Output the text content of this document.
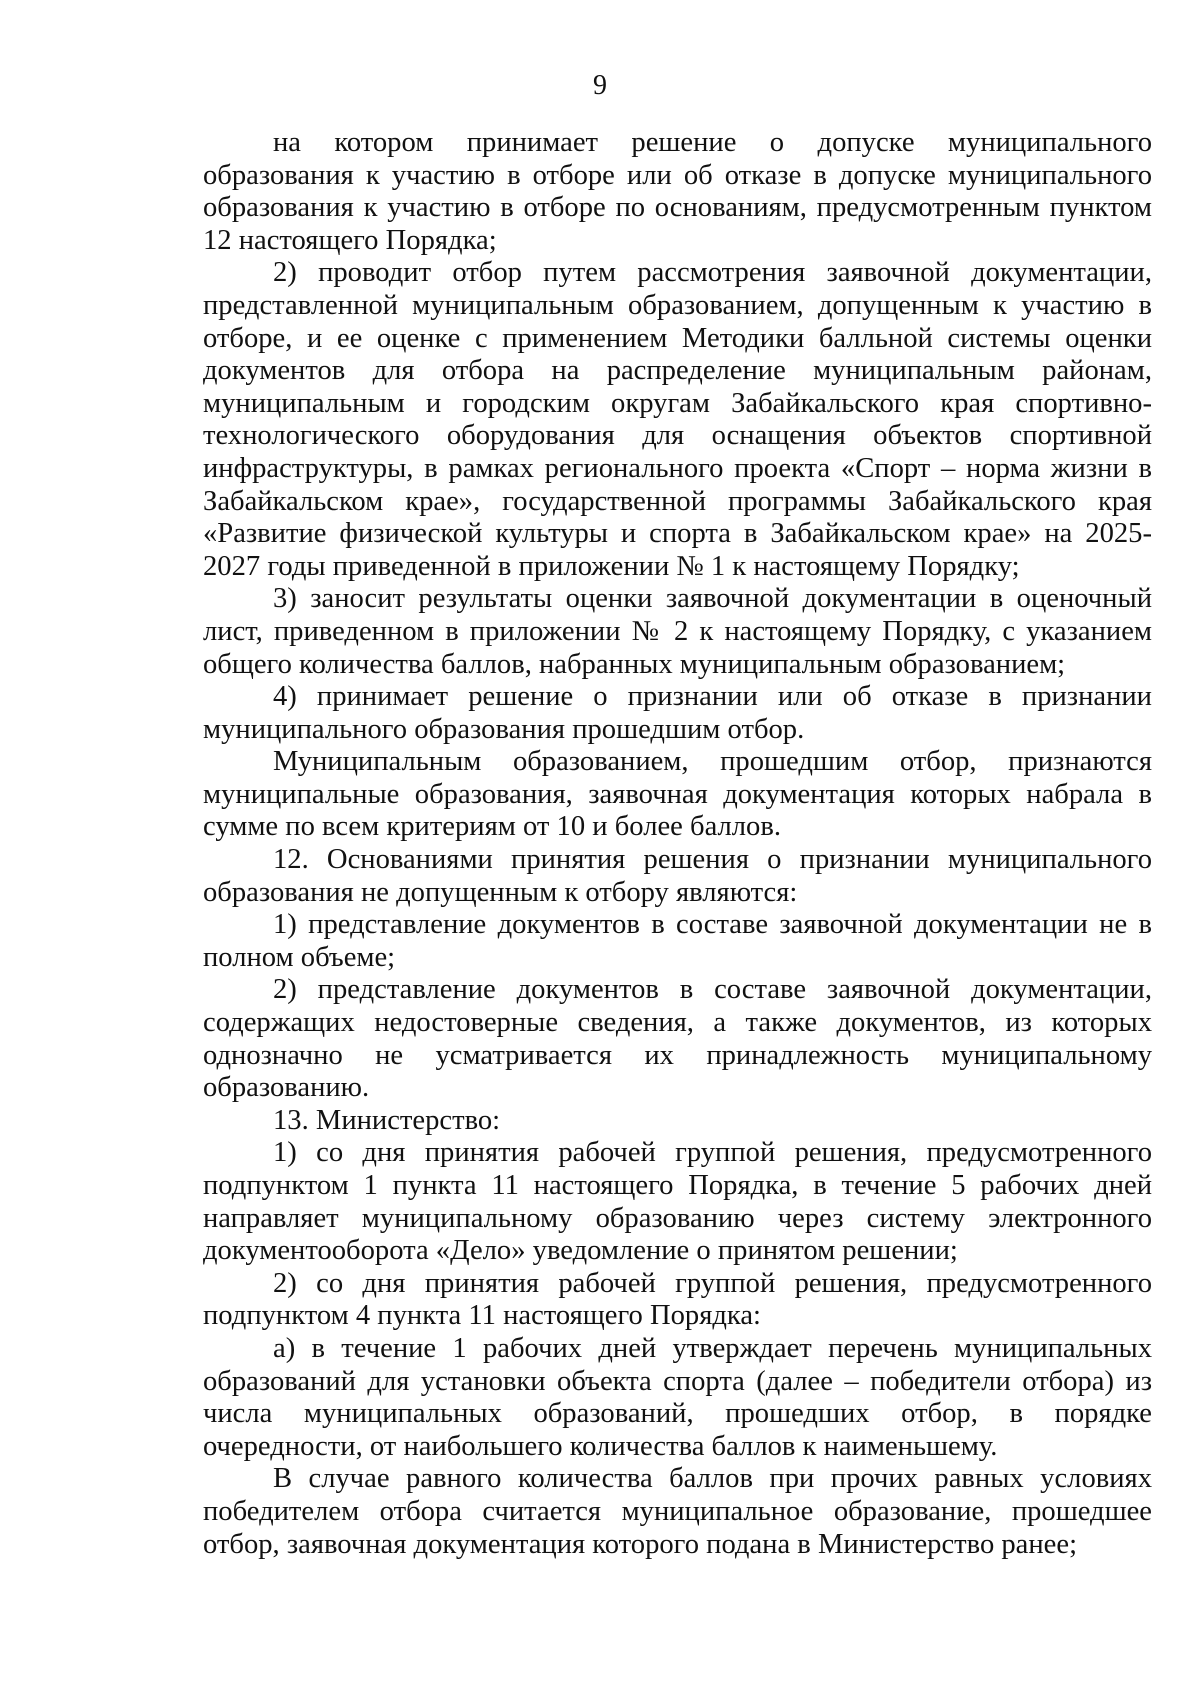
9

на котором принимает решение о допуске муниципального образования к участию в отборе или об отказе в допуске муниципального образования к участию в отборе по основаниям, предусмотренным пунктом 12 настоящего Порядка;

2) проводит отбор путем рассмотрения заявочной документации, представленной муниципальным образованием, допущенным к участию в отборе, и ее оценке с применением Методики балльной системы оценки документов для отбора на распределение муниципальным районам, муниципальным и городским округам Забайкальского края спортивно-технологического оборудования для оснащения объектов спортивной инфраструктуры, в рамках регионального проекта «Спорт – норма жизни в Забайкальском крае», государственной программы Забайкальского края «Развитие физической культуры и спорта в Забайкальском крае» на 2025-2027 годы приведенной в приложении № 1 к настоящему Порядку;

3) заносит результаты оценки заявочной документации в оценочный лист, приведенном в приложении № 2 к настоящему Порядку, с указанием общего количества баллов, набранных муниципальным образованием;

4) принимает решение о признании или об отказе в признании муниципального образования прошедшим отбор.

Муниципальным образованием, прошедшим отбор, признаются муниципальные образования, заявочная документация которых набрала в сумме по всем критериям от 10 и более баллов.

12. Основаниями принятия решения о признании муниципального образования не допущенным к отбору являются:

1) представление документов в составе заявочной документации не в полном объеме;

2) представление документов в составе заявочной документации, содержащих недостоверные сведения, а также документов, из которых однозначно не усматривается их принадлежность муниципальному образованию.

13. Министерство:

1) со дня принятия рабочей группой решения, предусмотренного подпунктом 1 пункта 11 настоящего Порядка, в течение 5 рабочих дней направляет муниципальному образованию через систему электронного документооборота «Дело» уведомление о принятом решении;

2) со дня принятия рабочей группой решения, предусмотренного подпунктом 4 пункта 11 настоящего Порядка:

а) в течение 1 рабочих дней утверждает перечень муниципальных образований для установки объекта спорта (далее – победители отбора) из числа муниципальных образований, прошедших отбор, в порядке очередности, от наибольшего количества баллов к наименьшему.

В случае равного количества баллов при прочих равных условиях победителем отбора считается муниципальное образование, прошедшее отбор, заявочная документация которого подана в Министерство ранее;
